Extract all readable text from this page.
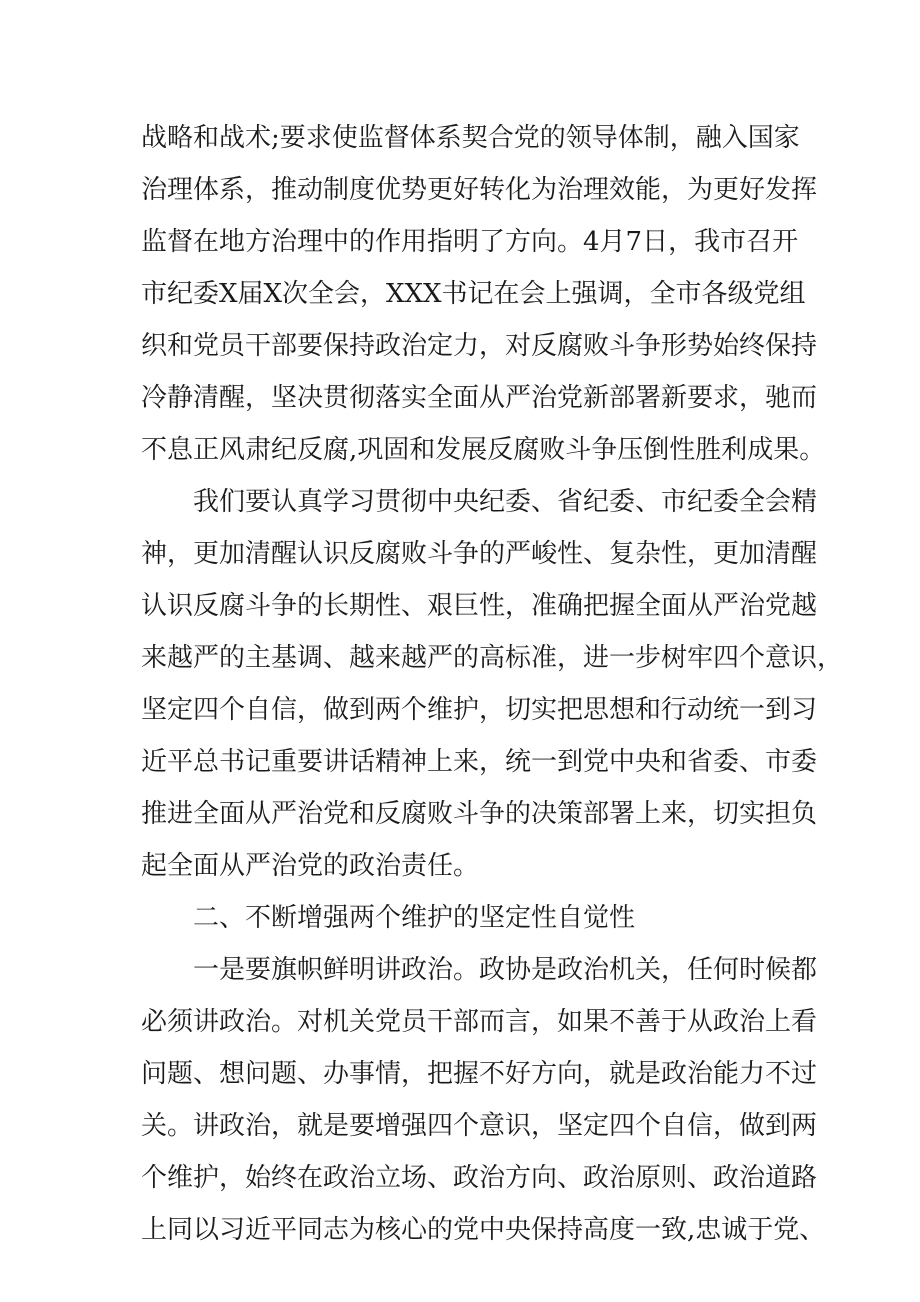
战略和战术;要求使监督体系契合党的领导体制，融入国家
治理体系，推动制度优势更好转化为治理效能，为更好发挥
监督在地方治理中的作用指明了方向。4月7日，我市召开
市纪委X届X次全会，XXX书记在会上强调，全市各级党组
织和党员干部要保持政治定力，对反腐败斗争形势始终保持
冷静清醒，坚决贯彻落实全面从严治党新部署新要求，驰而
不息正风肃纪反腐,巩固和发展反腐败斗争压倒性胜利成果。
我们要认真学习贯彻中央纪委、省纪委、市纪委全会精
神，更加清醒认识反腐败斗争的严峻性、复杂性，更加清醒
认识反腐斗争的长期性、艰巨性，准确把握全面从严治党越
来越严的主基调、越来越严的高标准，进一步树牢四个意识，
坚定四个自信，做到两个维护，切实把思想和行动统一到习
近平总书记重要讲话精神上来，统一到党中央和省委、市委
推进全面从严治党和反腐败斗争的决策部署上来，切实担负
起全面从严治党的政治责任。
二、不断增强两个维护的坚定性自觉性
一是要旗帜鲜明讲政治。政协是政治机关，任何时候都
必须讲政治。对机关党员干部而言，如果不善于从政治上看
问题、想问题、办事情，把握不好方向，就是政治能力不过
关。讲政治，就是要增强四个意识，坚定四个自信，做到两
个维护，始终在政治立场、政治方向、政治原则、政治道路
上同以习近平同志为核心的党中央保持高度一致,忠诚于党、
